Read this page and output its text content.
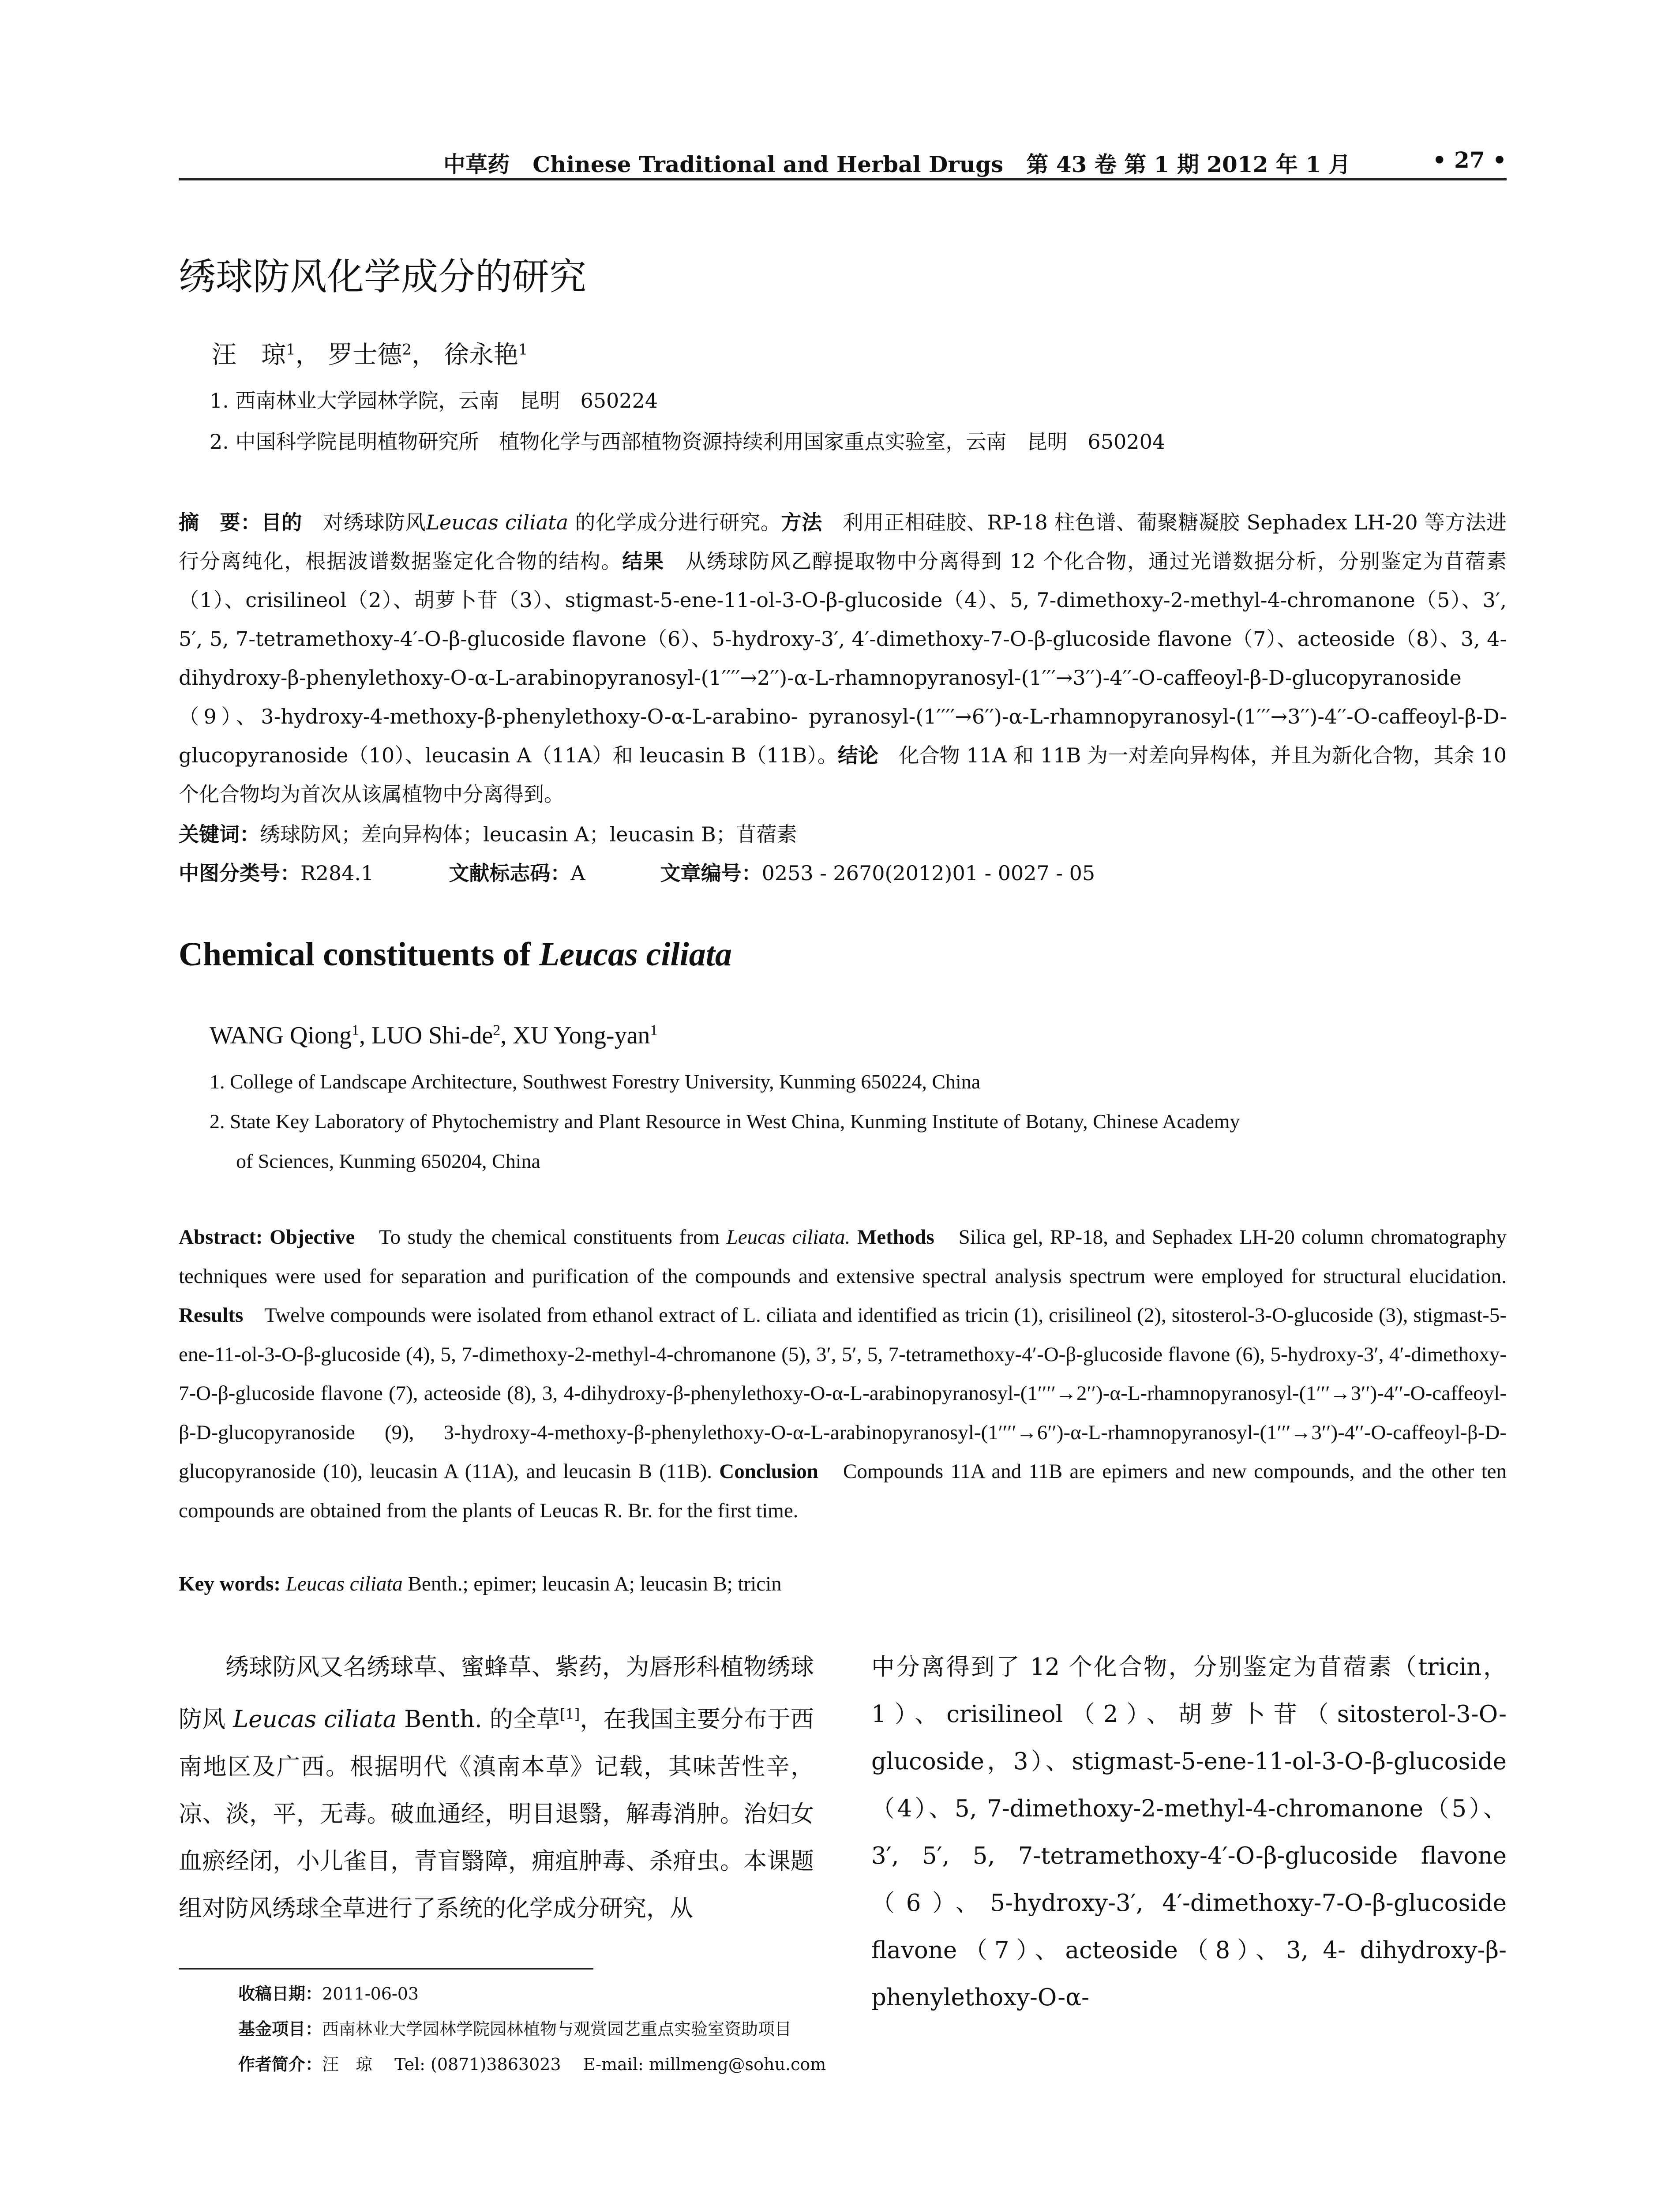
中草药 Chinese Traditional and Herbal Drugs 第 43 卷 第 1 期 2012 年 1 月	• 27 •
绣球防风化学成分的研究
汪　琼$^1$， 罗士德$^2$， 徐永艳$^1$
1. 西南林业大学园林学院，云南　昆明　650224
2. 中国科学院昆明植物研究所　植物化学与西部植物资源持续利用国家重点实验室，云南　昆明　650204
摘　要：目的　对绣球防风Leucas ciliata 的化学成分进行研究。方法　利用正相硅胶、RP-18 柱色谱、葡聚糖凝胶 Sephadex LH-20 等方法进行分离纯化，根据波谱数据鉴定化合物的结构。结果　从绣球防风乙醇提取物中分离得到 12 个化合物，通过光谱数据分析，分别鉴定为苜蓿素（1）、crisilineol（2）、胡萝卜苷（3）、stigmast-5-ene-11-ol-3-O-β-glucoside（4）、5, 7-dimethoxy-2-methyl-4-chromanone（5）、3′, 5′, 5, 7-tetramethoxy-4′-O-β-glucoside flavone（6）、5-hydroxy-3′, 4′-dimethoxy-7-O-β-glucoside flavone（7）、acteoside（8）、3, 4-dihydroxy-β-phenylethoxy-O-α-L-arabinopyranosyl-(1′′′′→2′′)-α-L-rhamnopyranosyl-(1′′′→3′′)-4′′-O-caffeoyl-β-D-glucopyranoside（9）、3-hydroxy-4-methoxy-β-phenylethoxy-O-α-L-arabino- pyranosyl-(1′′′′→6′′)-α-L-rhamnopyranosyl-(1′′′→3′′)-4′′-O-caffeoyl-β-D-glucopyranoside（10）、leucasin A（11A）和 leucasin B（11B）。结论　化合物 11A 和 11B 为一对差向异构体，并且为新化合物，其余 10 个化合物均为首次从该属植物中分离得到。
关键词：绣球防风；差向异构体；leucasin A；leucasin B；苜蓿素
中图分类号：R284.1	文献标志码：A	文章编号：0253 - 2670(2012)01 - 0027 - 05
Chemical constituents of Leucas ciliata
WANG Qiong$^1$, LUO Shi-$de^2$, XU Yong-yan$^1$
1. College of Landscape Architecture, Southwest Forestry University, Kunming 650224, China
2. State Key Laboratory of Phytochemistry and Plant Resource in West China, Kunming Institute of Botany, Chinese Academy
of Sciences, Kunming 650204, China
Abstract: Objective　To study the chemical constituents from Leucas ciliata. Methods　Silica gel, RP-18, and Sephadex LH-20 column chromatography techniques were used for separation and purification of the compounds and extensive spectral analysis spectrum were employed for structural elucidation. Results　Twelve compounds were isolated from ethanol extract of L. ciliata and identified as tricin (1), crisilineol (2), sitosterol-3-O-glucoside (3), stigmast-5-ene-11-ol-3-O-β-glucoside (4), 5, 7-dimethoxy-2-methyl-4-chromanone (5), 3′, 5′, 5, 7-tetramethoxy-4′-O-β-glucoside flavone (6), 5-hydroxy-3′, 4′-dimethoxy-7-O-β-glucoside flavone (7), acteoside (8), 3, 4-dihydroxy-β-phenylethoxy-O-α-L-arabinopyranosyl-(1′′′′→2′′)-α-L-rhamnopyranosyl-(1′′′→3′′)-4′′-O-caffeoyl-β-D-glucopyranoside (9), 3-hydroxy-4-methoxy-β-phenylethoxy-O-α-L-arabinopyranosyl-(1′′′′→6′′)-α-L-rhamnopyranosyl-(1′′′→3′′)-4′′-O-caffeoyl-β-D-glucopyranoside (10), leucasin A (11A), and leucasin B (11B). Conclusion　Compounds 11A and 11B are epimers and new compounds, and the other ten compounds are obtained from the plants of Leucas R. Br. for the first time.
Key words: Leucas ciliata Benth.; epimer; leucasin A; leucasin B; tricin
绣球防风又名绣球草、蜜蜂草、紫药，为唇形科植物绣球防风 Leucas ciliata Benth. 的全草[1]，在我国主要分布于西南地区及广西。根据明代《滇南本草》记载，其味苦性辛，凉、淡，平，无毒。破血通经，明目退翳，解毒消肿。治妇女血瘀经闭，小儿雀目，青盲翳障，痈疽肿毒、杀疳虫。本课题组对防风绣球全草进行了系统的化学成分研究，从
中分离得到了 12 个化合物，分别鉴定为苜蓿素（tricin，1）、crisilineol（2）、胡萝卜苷（sitosterol-3-O-glucoside，3）、stigmast-5-ene-11-ol-3-O-β-glucoside（4）、5, 7-dimethoxy-2-methyl-4-chromanone（5）、3′, 5′, 5, 7-tetramethoxy-4′-O-β-glucoside flavone（6）、5-hydroxy-3′, 4′-dimethoxy-7-O-β-glucoside flavone（7）、acteoside（8）、3, 4- dihydroxy-β-phenylethoxy-O-α-
收稿日期：2011-06-03
基金项目：西南林业大学园林学院园林植物与观赏园艺重点实验室资助项目
作者简介：汪　琼　 Tel: (0871)3863023　 E-mail: millmeng@sohu.com
